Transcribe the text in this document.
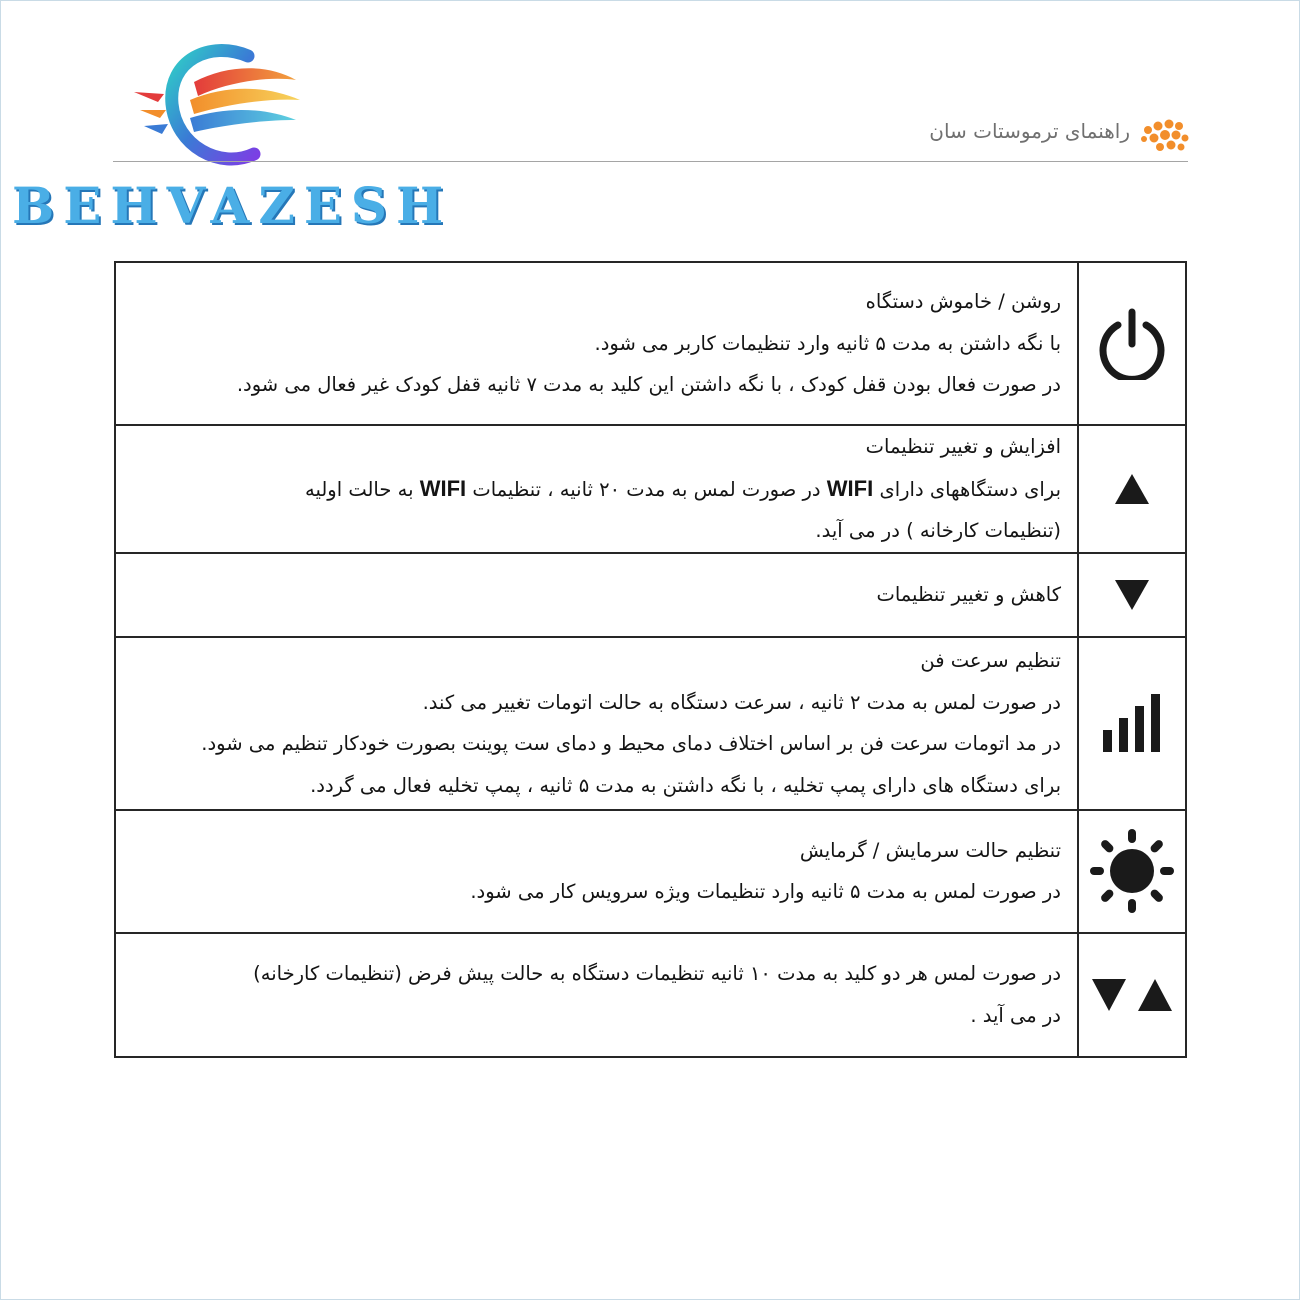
BEHVAZESH
راهنمای ترموستات سان

روشن / خاموش دستگاه
با نگه داشتن به مدت ۵ ثانیه وارد تنظیمات کاربر می شود.
در صورت فعال بودن قفل کودک ، با نگه داشتن این کلید به مدت ۷ ثانیه قفل کودک غیر فعال می شود.

افزایش و تغییر تنظیمات
برای دستگاههای دارای WIFI در صورت لمس به مدت ۲۰ ثانیه ، تنظیمات WIFI به حالت اولیه
(تنظیمات کارخانه ) در می آید.

کاهش و تغییر تنظیمات

تنظیم سرعت فن
در صورت لمس به مدت ۲ ثانیه ، سرعت دستگاه به حالت اتومات تغییر می کند.
در مد اتومات سرعت فن بر اساس اختلاف دمای محیط و دمای ست پوینت بصورت خودکار تنظیم می شود.
برای دستگاه های دارای پمپ تخلیه ، با نگه داشتن به مدت ۵ ثانیه ، پمپ تخلیه فعال می گردد.

تنظیم حالت سرمایش / گرمایش
در صورت لمس به مدت ۵ ثانیه وارد تنظیمات ویژه سرویس کار می شود.

در صورت لمس هر دو کلید به مدت ۱۰ ثانیه تنظیمات دستگاه به حالت پیش فرض (تنظیمات کارخانه)
در می آید .
